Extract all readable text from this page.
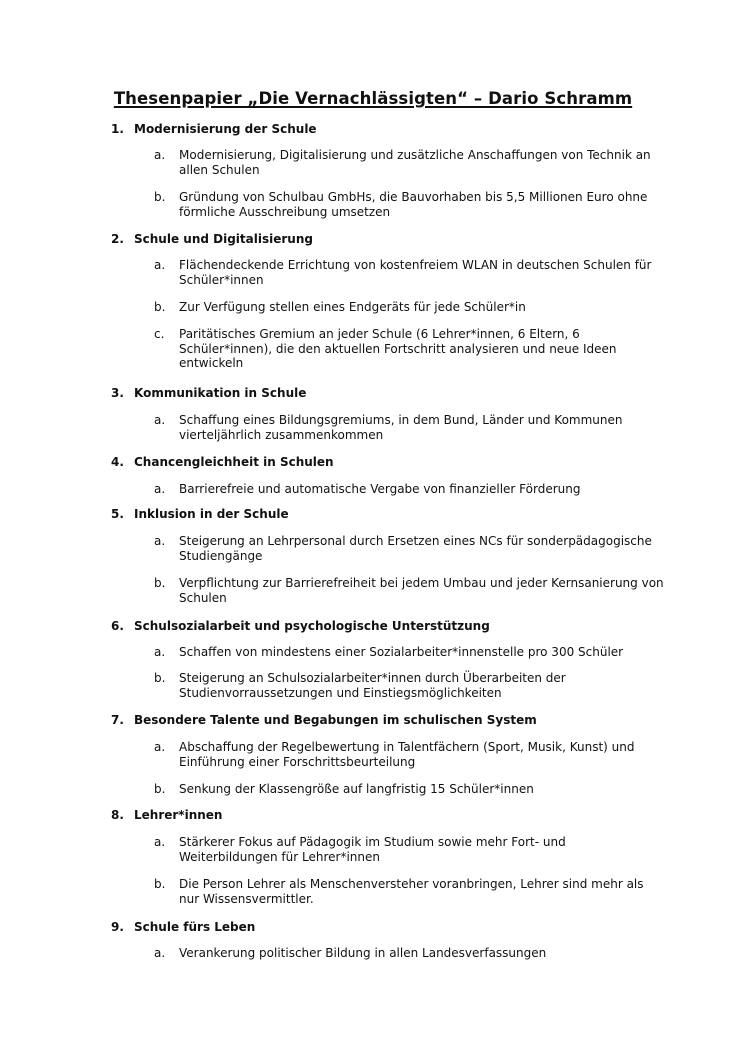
Thesenpapier „Die Vernachlässigten“ – Dario Schramm
1. Modernisierung der Schule
a.	Modernisierung, Digitalisierung und zusätzliche Anschaffungen von Technik an allen Schulen
b.	Gründung von Schulbau GmbHs, die Bauvorhaben bis 5,5 Millionen Euro ohne förmliche Ausschreibung umsetzen
2. Schule und Digitalisierung
a.	Flächendeckende Errichtung von kostenfreiem WLAN in deutschen Schulen für Schüler*innen
b.	Zur Verfügung stellen eines Endgeräts für jede Schüler*in
c.	Paritätisches Gremium an jeder Schule (6 Lehrer*innen, 6 Eltern, 6 Schüler*innen), die den aktuellen Fortschritt analysieren und neue Ideen entwickeln
3. Kommunikation in Schule
a.	Schaffung eines Bildungsgremiums, in dem Bund, Länder und Kommunen vierteljährlich zusammenkommen
4. Chancengleichheit in Schulen
a.	Barrierefreie und automatische Vergabe von finanzieller Förderung
5. Inklusion in der Schule
a.	Steigerung an Lehrpersonal durch Ersetzen eines NCs für sonderpädagogische Studiengänge
b.	Verpflichtung zur Barrierefreiheit bei jedem Umbau und jeder Kernsanierung von Schulen
6. Schulsozialarbeit und psychologische Unterstützung
a.	Schaffen von mindestens einer Sozialarbeiter*innenstelle pro 300 Schüler
b.	Steigerung an Schulsozialarbeiter*innen durch Überarbeiten der Studienvorraussetzungen und Einstiegsmöglichkeiten
7. Besondere Talente und Begabungen im schulischen System
a.	Abschaffung der Regelbewertung in Talentfächern (Sport, Musik, Kunst) und Einführung einer Forschrittsbeurteilung
b.	Senkung der Klassengröße auf langfristig 15 Schüler*innen
8. Lehrer*innen
a.	Stärkerer Fokus auf Pädagogik im Studium sowie mehr Fort- und Weiterbildungen für Lehrer*innen
b.	Die Person Lehrer als Menschenversteher voranbringen, Lehrer sind mehr als nur Wissensvermittler.
9. Schule fürs Leben
a.	Verankerung politischer Bildung in allen Landesverfassungen
